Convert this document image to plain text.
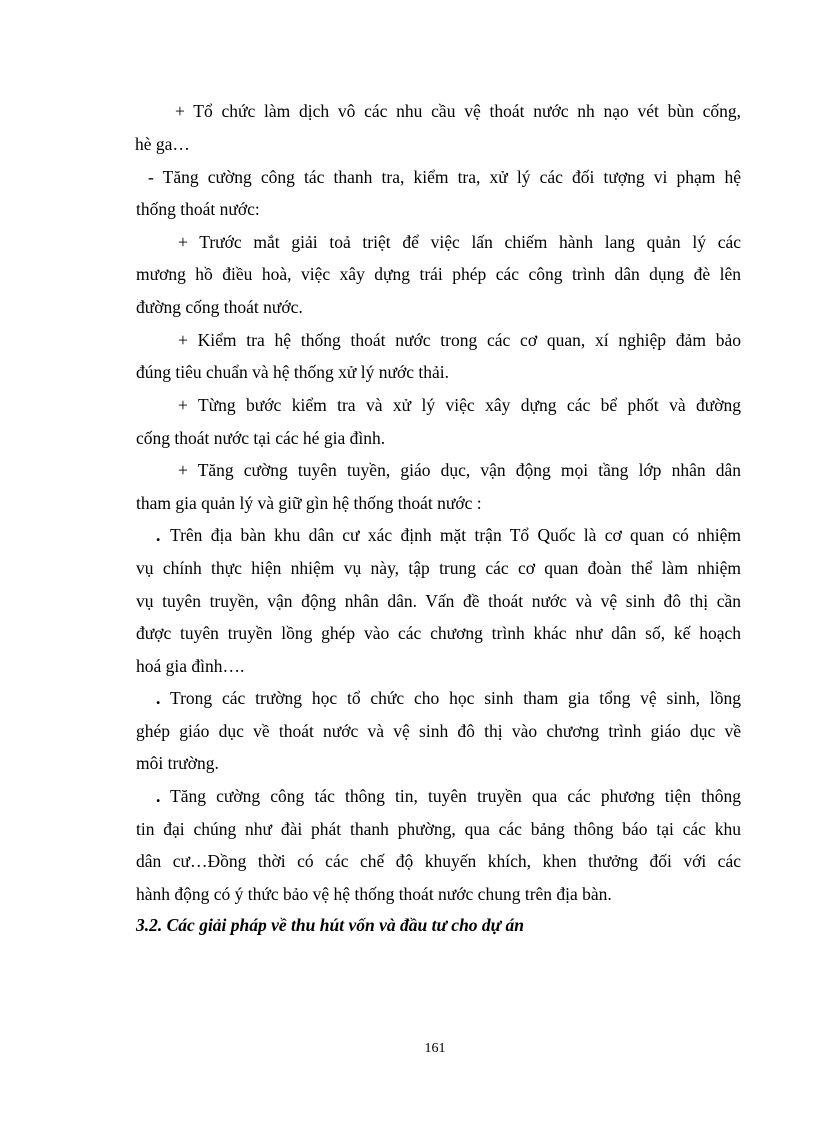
+ Tổ chức làm dịch vô các nhu cầu vệ thoát nước nh nạo vét bùn cống,
hè ga…
- Tăng cường công tác thanh tra, kiểm tra, xử lý các đối tượng vi phạm hệ
thống thoát nước:
+ Trước mắt giải toả triệt để việc lấn chiếm hành lang quản lý các
mương hồ điều hoà, việc xây dựng trái phép các công trình dân dụng đè lên
đường cống thoát nước.
+ Kiểm tra hệ thống thoát nước trong các cơ quan, xí nghiệp đảm bảo
đúng tiêu chuẩn và hệ thống xử lý nước thải.
+ Từng bước kiểm tra và xử lý việc xây dựng các bể phốt và đường
cống thoát nước tại các hé gia đình.
+ Tăng cường tuyên tuyền, giáo dục, vận động mọi tầng lớp nhân dân
tham gia quản lý và giữ gìn hệ thống thoát nước :
. Trên địa bàn khu dân cư xác định mặt trận Tổ Quốc là cơ quan có nhiệm
vụ chính thực hiện nhiệm vụ này, tập trung các cơ quan đoàn thể làm nhiệm
vụ tuyên truyền, vận động nhân dân. Vấn đề thoát nước và vệ sinh đô thị cần
được tuyên truyền lồng ghép vào các chương trình khác như dân số, kế hoạch
hoá gia đình….
. Trong các trường học tổ chức cho học sinh tham gia tổng vệ sinh, lồng
ghép giáo dục về thoát nước và vệ sinh đô thị vào chương trình giáo dục về
môi trường.
. Tăng cường công tác thông tin, tuyên truyền qua các phương tiện thông
tin đại chúng như đài phát thanh phường, qua các bảng thông báo tại các khu
dân cư…Đồng thời có các chế độ khuyến khích, khen thưởng đối với các
hành động có ý thức bảo vệ hệ thống thoát nước chung trên địa bàn.
3.2. Các giải pháp về thu hút vốn và đầu tư cho dự án
161
